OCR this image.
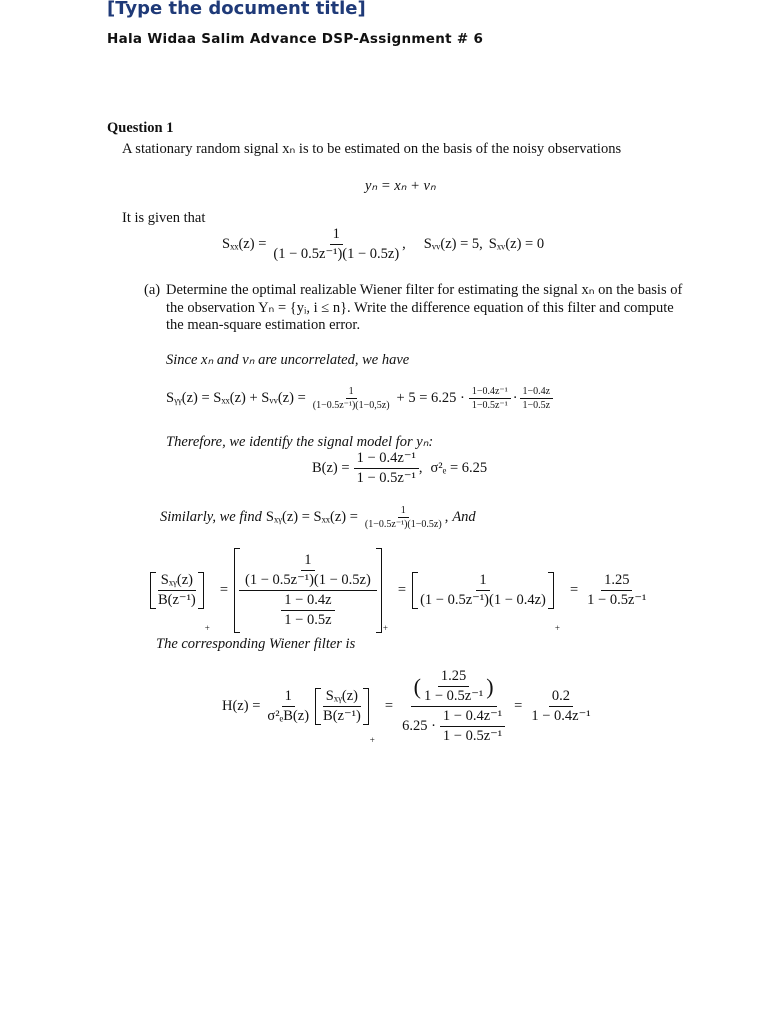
[Type the document title]

Hala Widaa Salim Advance DSP-Assignment # 6

Question 1
A stationary random signal xₙ is to be estimated on the basis of the noisy observations
yₙ = xₙ + vₙ
It is given that
$S_{xx}(z) = \frac{1}{\text{(1 − 0.5z⁻¹)(1 − 0.5z)}}$ , Sᵥᵥ(z) = 5, Sₓᵥ(z) = 0
(a) Determine the optimal realizable Wiener filter for estimating the signal xₙ on the basis of
the observation Yₙ = {yᵢ, i ≤ n}. Write the difference equation of this filter and compute
the mean-square estimation error.
Since xₙ and vₙ are uncorrelated, we have
Sᵧᵧ(z) = Sₓₓ(z) + Sᵥᵥ(z) = $\frac{1}{\text{(1−0.5z⁻¹)(1−0,5z)}} + 5 = 6.25 \cdot \frac{\text{1−0.4z⁻¹}}{\text{1−0.5z⁻¹}} \cdot \frac{1-0.4z}{1-0.5z}$
Therefore, we identify the signal model for yₙ:
$B(z) = \frac{\text{1 − 0.4z⁻¹}}{\text{1 − 0.5z⁻¹}}$ , σ²ₑ = 6.25
Similarly, we find Sₓᵧ(z) = $S_{xx}(z) = \frac{1}{\text{(1−0.5z⁻¹)(1−0.5z)}}$ , And
$\frac{\text{Sₓᵧ(z)}}{\text{B(z⁻¹)}}$
+
= $\frac{\frac{1}{\text{(1 − 0.5z⁻¹)(1 − 0.5z)}}}{\frac{1 - 0.4z}{1 - 0.5z}}$ +
= $\frac{1}{\text{(1 − 0.5z⁻¹)(1 − 0.4z)}}$
+
= $\frac{1.25}{\text{1 − 0.5z⁻¹}}$
The corresponding Wiener filter is
$H(z) = \frac{1}{\text{σ²ₑB(z)}} \frac{\text{Sₓᵧ(z)}}{\text{B(z⁻¹)}}$
+
= $\frac{( \frac{1.25}{\text{1 − 0.5z⁻¹}} )}{6.25 \cdot \frac{\text{1 − 0.4z⁻¹}}{\text{1 − 0.5z⁻¹}}} = \frac{0.2}{\text{1 − 0.4z⁻¹}}$
